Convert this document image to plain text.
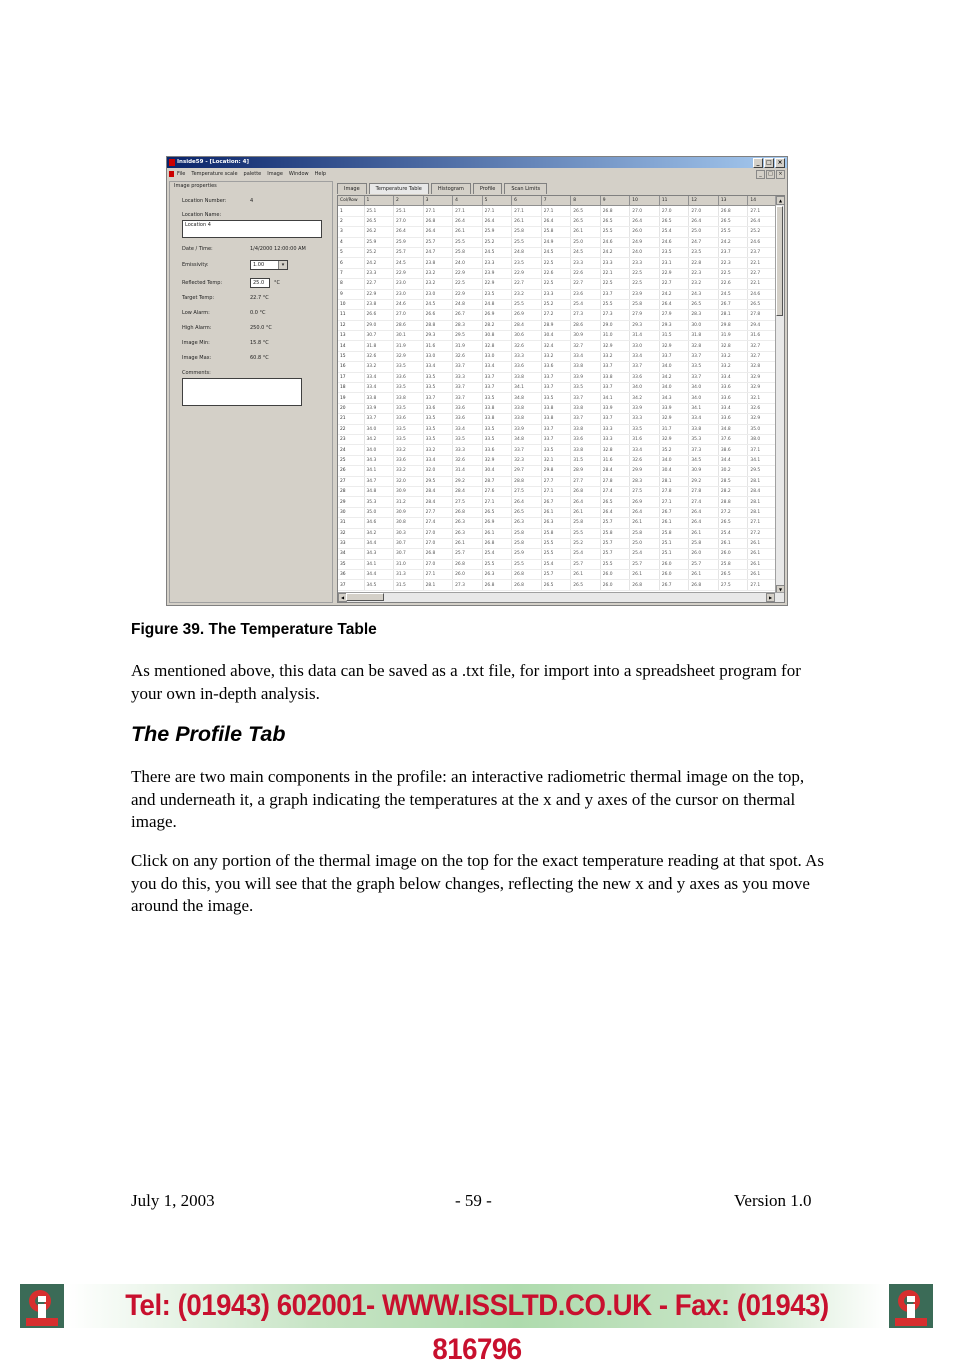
Inside59 - [Location: 4]	_	□ ×
File Temperature scale palette Image Window Help	_	□	×
Image properties
Location Number:	4
Location Name:
Location 4
Date / Time:	1/4/2000 12:00:00 AM
Emissivity:	1.00	▾
Reflected Temp:	25.0	°C
Target Temp:	22.7 °C
Low Alarm:	0.0 °C
High Alarm:	250.0 °C
Image Min:	15.8 °C
Image Max:	60.8 °C
Comments:
Image	Temperature Table	Histogram	Profile	Scan Limits
Col/Row	1	2	3	4	5	6	7	8	9	10	11	12	13	14
1	25.1	25.1	27.1	27.1	27.1	27.1	27.1	26.5	26.8	27.0	27.0	27.0	26.8	27.1
2	26.5	27.0	26.8	26.4	26.4	26.1	26.4	26.5	26.5	26.4	26.5	26.4	26.5	26.4
3	26.2	26.4	26.4	26.1	25.9	25.8	25.8	26.1	25.5	26.0	25.4	25.0	25.5	25.2
4	25.9	25.9	25.7	25.5	25.2	25.5	24.9	25.0	24.6	24.9	24.6	24.7	24.2	24.6
5	25.2	25.7	24.7	25.8	24.5	24.8	24.5	24.5	24.2	24.0	23.5	23.5	23.7	23.7
6	24.2	24.5	23.8	24.0	23.3	23.5	22.5	23.3	23.3	23.3	23.1	22.8	22.3	22.1
7	23.3	22.9	23.2	22.9	23.9	22.9	22.6	22.6	22.1	22.5	22.9	22.3	22.5	22.7
8	22.7	23.0	23.2	22.5	22.9	22.7	22.5	22.7	22.5	22.5	22.7	23.2	22.6	22.1
9	22.9	23.0	23.0	22.9	23.5	23.2	23.3	23.6	23.7	23.9	24.2	24.3	24.5	24.6
10	23.8	24.6	24.5	24.8	24.8	25.5	25.2	25.4	25.5	25.8	26.4	26.5	26.7	26.5
11	26.6	27.0	26.6	26.7	26.9	26.9	27.2	27.3	27.3	27.9	27.9	28.3	28.1	27.8
12	29.0	28.6	28.8	28.3	28.2	28.4	28.9	28.6	29.0	29.3	29.3	30.0	29.8	29.4
13	30.7	30.1	29.3	29.5	30.8	30.6	30.4	30.9	31.0	31.4	31.5	31.8	31.9	31.6
14	31.8	31.9	31.6	31.9	32.8	32.6	32.4	32.7	32.9	33.0	32.9	32.8	32.8	32.7
15	32.6	32.9	33.0	32.6	33.0	33.3	33.2	33.4	33.2	33.4	33.7	33.7	33.2	32.7
16	33.2	33.5	33.4	33.7	33.4	33.6	33.6	33.8	33.7	33.7	34.0	33.5	33.2	32.8
17	33.4	33.6	33.5	33.3	33.7	33.8	33.7	33.9	33.8	33.6	34.2	33.7	33.4	32.9
18	33.4	33.5	33.5	33.7	33.7	34.1	33.7	33.5	33.7	34.0	34.0	34.0	33.6	32.9
19	33.8	33.8	33.7	33.7	33.5	34.8	33.5	33.7	34.1	34.2	34.3	34.0	33.6	32.1
20	33.9	33.5	33.6	33.6	33.8	33.8	33.8	33.8	33.9	33.9	33.9	34.1	33.4	32.6
21	33.7	33.6	33.5	33.6	33.8	33.8	33.8	33.7	33.7	33.3	32.9	33.4	33.6	32.9
22	34.0	33.5	33.5	33.4	33.5	33.9	33.7	33.8	33.3	33.5	31.7	33.8	34.8	35.0
23	34.2	33.5	33.5	33.5	33.5	34.8	33.7	33.6	33.3	31.6	32.9	35.3	37.6	38.0
24	34.0	33.2	33.2	33.3	33.6	33.7	33.5	33.8	32.8	33.4	35.2	37.3	38.6	37.1
25	34.3	33.6	33.4	32.6	32.9	32.3	32.1	31.5	31.6	32.6	34.0	34.5	34.4	34.1
26	34.1	33.2	32.0	31.4	30.4	29.7	29.8	28.9	28.4	29.9	30.4	30.9	30.2	29.5
27	34.7	32.0	29.5	29.2	28.7	28.8	27.7	27.7	27.8	28.3	28.1	29.2	28.5	28.1
28	34.8	30.9	28.4	28.4	27.6	27.5	27.1	26.8	27.4	27.5	27.8	27.8	28.2	28.4
29	35.3	31.2	28.4	27.5	27.1	26.4	26.7	26.4	26.5	26.9	27.1	27.4	28.8	28.1
30	35.0	30.9	27.7	26.8	26.5	26.5	26.1	26.1	26.4	26.4	26.7	26.4	27.2	28.1
31	34.6	30.8	27.4	26.3	26.9	26.3	26.3	25.8	25.7	26.1	26.1	26.4	26.5	27.1
32	34.2	30.3	27.0	26.3	26.1	25.8	25.8	25.5	25.8	25.8	25.8	26.1	25.4	27.2
33	34.4	30.7	27.0	26.1	26.8	25.8	25.5	25.2	25.7	25.0	25.1	25.8	26.1	26.1
34	34.3	30.7	26.8	25.7	25.4	25.9	25.5	25.4	25.7	25.4	25.1	26.0	26.0	26.1
35	34.1	31.0	27.0	26.8	25.5	25.5	25.4	25.7	25.5	25.7	26.0	25.7	25.8	26.1
36	34.4	31.3	27.1	26.0	26.3	26.8	25.7	26.1	26.0	26.1	26.0	26.1	26.5	26.1
37	34.5	31.5	28.1	27.3	26.8	26.8	26.5	26.5	26.0	26.8	26.7	26.8	27.5	27.1
▲
▼
◀	▶
Figure 39. The Temperature Table

As mentioned above, this data can be saved as a .txt file, for import into a spreadsheet program for your own in-depth analysis.

The Profile Tab

There are two main components in the profile: an interactive radiometric thermal image on the top, and underneath it, a graph indicating the temperatures at the x and y axes of the cursor on thermal image.

Click on any portion of the thermal image on the top for the exact temperature reading at that spot. As you do this, you will see that the graph below changes, reflecting the new x and y axes as you move around the image.

July 1, 2003	- 59 -	Version 1.0
Tel: (01943) 602001- WWW.ISSLTD.CO.UK - Fax: (01943) 816796
